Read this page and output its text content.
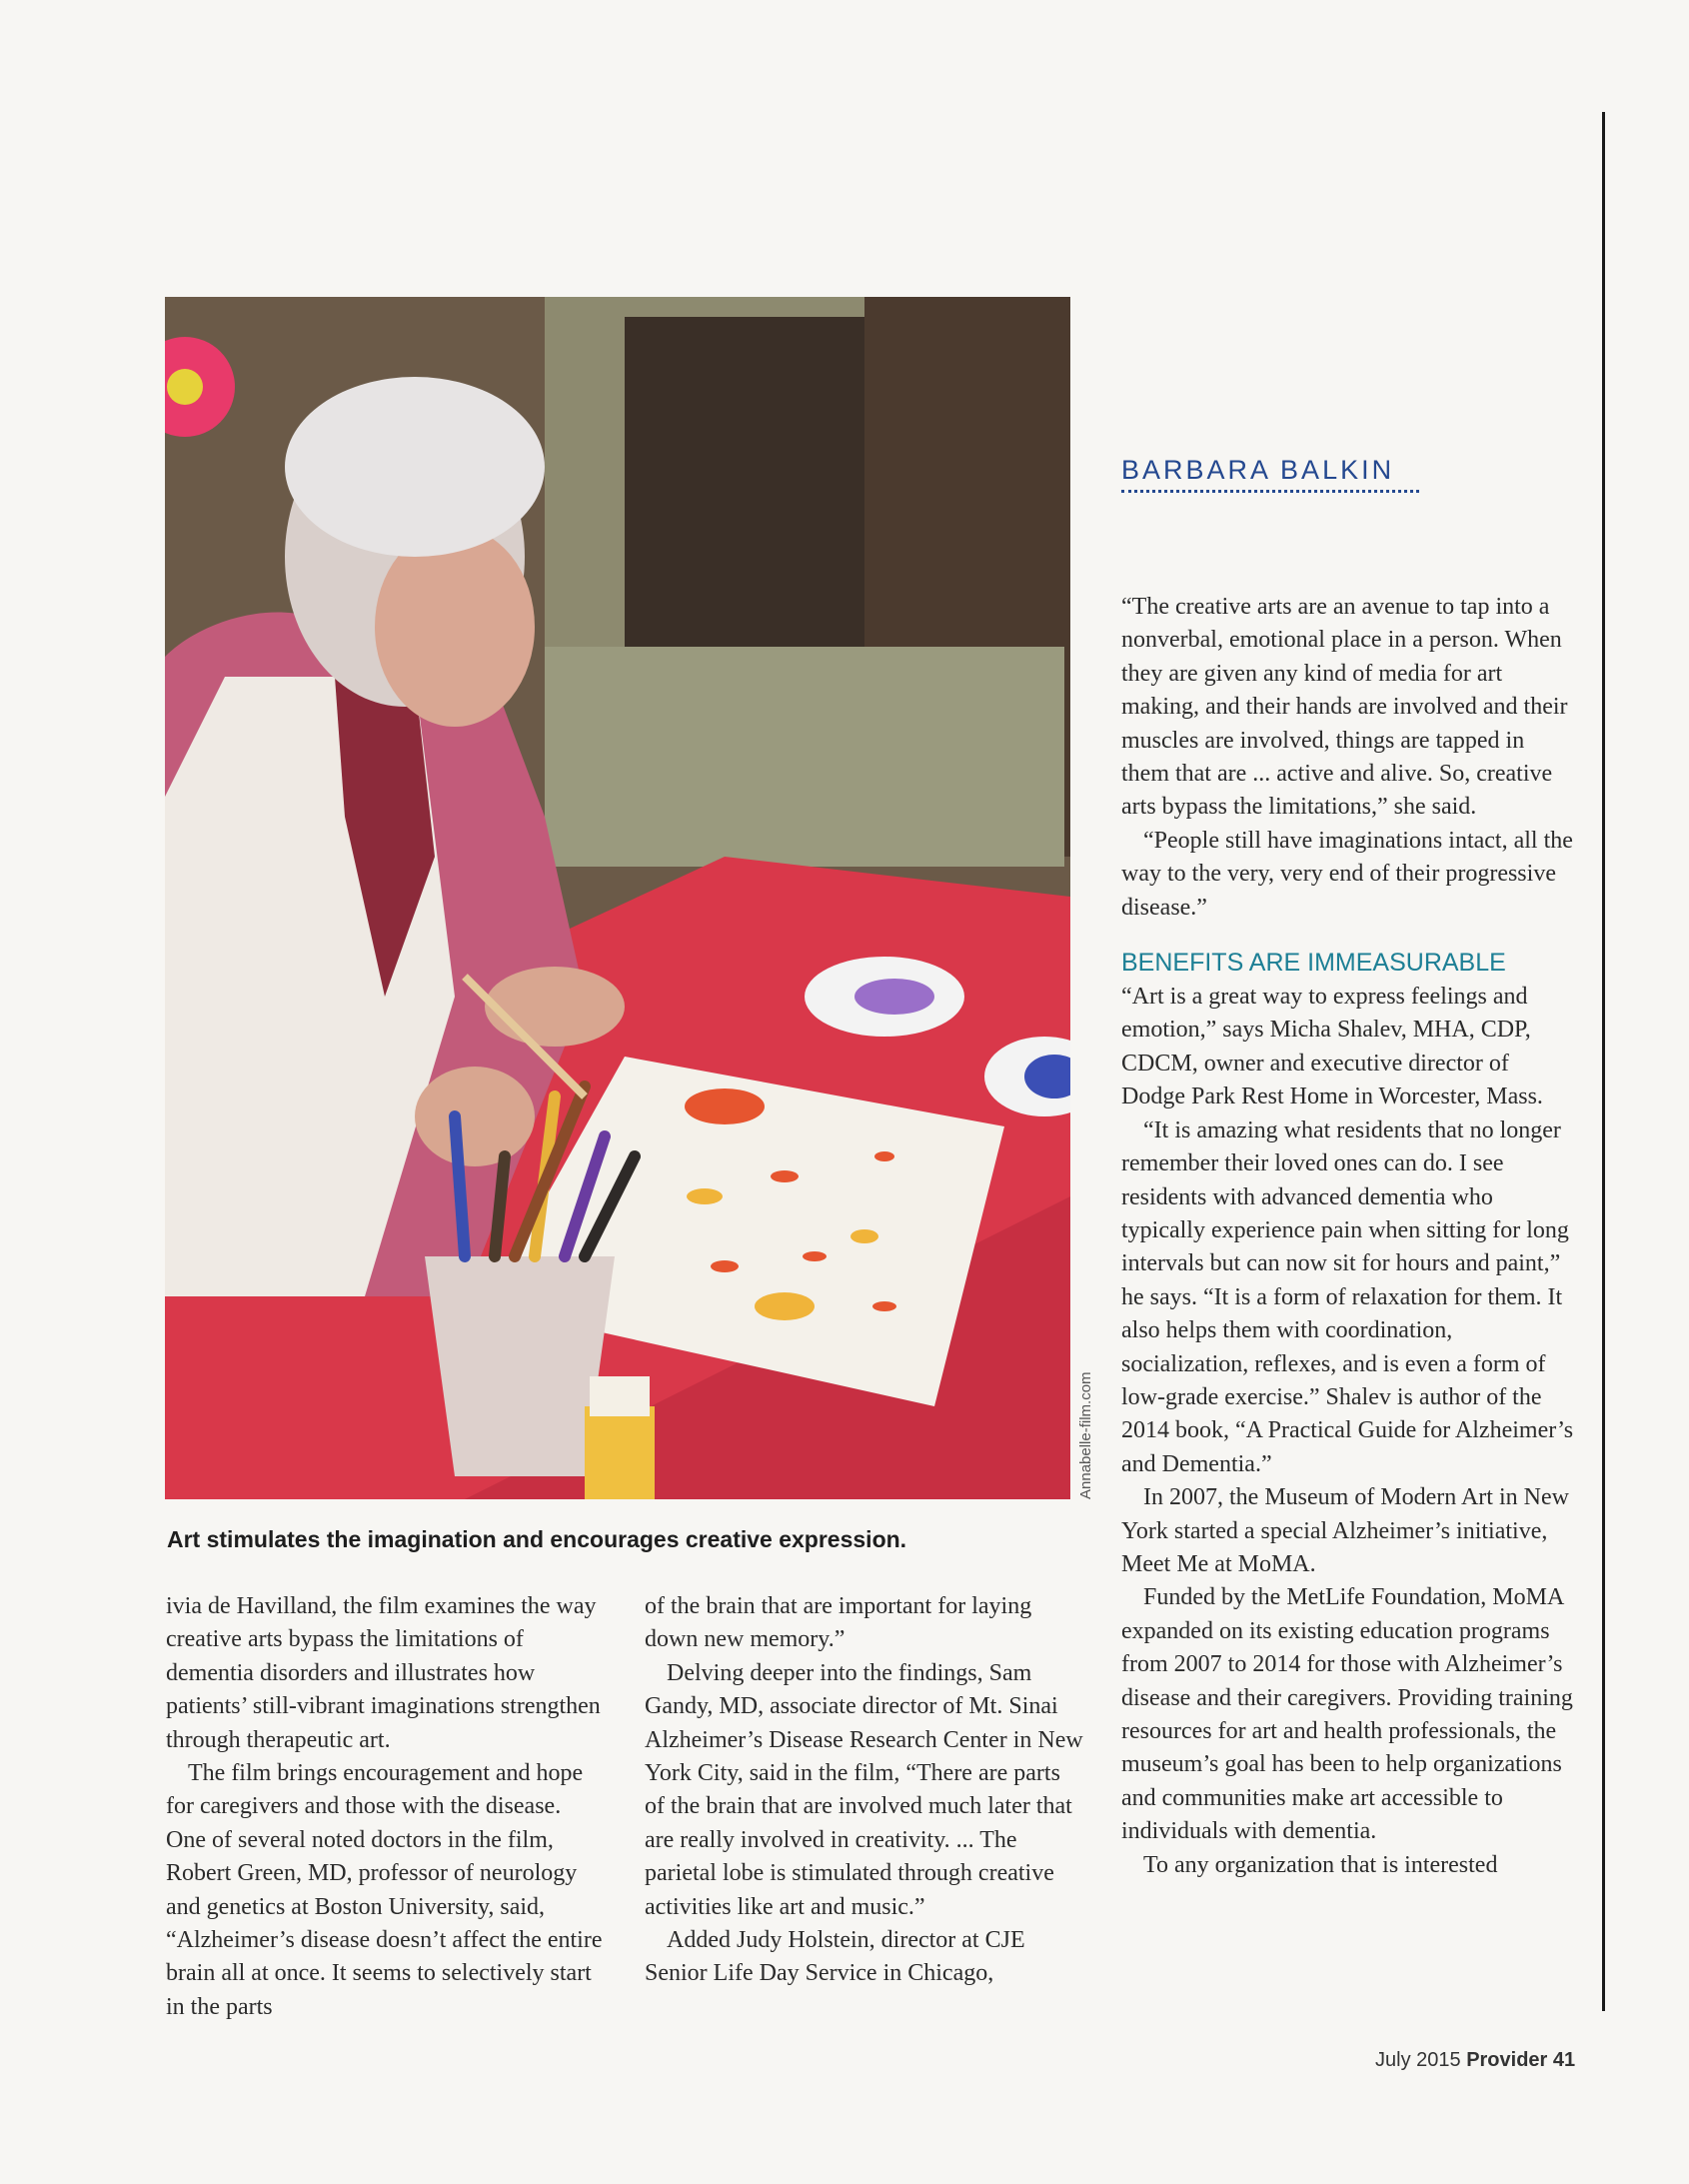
Annabelle-film.com
Art stimulates the imagination and encourages creative expression.
BARBARA BALKIN

ivia de Havilland, the film examines the way creative arts bypass the limitations of dementia disorders and illustrates how patients’ still-vibrant imaginations strengthen through therapeutic art.

The film brings encouragement and hope for caregivers and those with the disease. One of several noted doctors in the film, Robert Green, MD, professor of neurology and genetics at Boston University, said, “Alzheimer’s disease doesn’t affect the entire brain all at once. It seems to selectively start in the parts

of the brain that are important for laying down new memory.”

Delving deeper into the findings, Sam Gandy, MD, associate director of Mt. Sinai Alzheimer’s Disease Research Center in New York City, said in the film, “There are parts of the brain that are involved much later that are really involved in creativity. ... The parietal lobe is stimulated through creative activities like art and music.”

Added Judy Holstein, director at CJE Senior Life Day Service in Chicago,

“The creative arts are an avenue to tap into a nonverbal, emotional place in a person. When they are given any kind of media for art making, and their hands are involved and their muscles are involved, things are tapped in them that are ... active and alive. So, creative arts bypass the limitations,” she said.

“People still have imaginations intact, all the way to the very, very end of their progressive disease.”

BENEFITS ARE IMMEASURABLE

“Art is a great way to express feelings and emotion,” says Micha Shalev, MHA, CDP, CDCM, owner and executive director of Dodge Park Rest Home in Worcester, Mass.

“It is amazing what residents that no longer remember their loved ones can do. I see residents with advanced dementia who typically experience pain when sitting for long intervals but can now sit for hours and paint,” he says. “It is a form of relaxation for them. It also helps them with coordination, socialization, reflexes, and is even a form of low-grade exercise.” Shalev is author of the 2014 book, “A Practical Guide for Alzheimer’s and Dementia.”

In 2007, the Museum of Modern Art in New York started a special Alzheimer’s initiative, Meet Me at MoMA.

Funded by the MetLife Foundation, MoMA expanded on its existing education programs from 2007 to 2014 for those with Alzheimer’s disease and their caregivers. Providing training resources for art and health professionals, the museum’s goal has been to help organizations and communities make art accessible to individuals with dementia.

To any organization that is interested

July 2015 Provider 41
